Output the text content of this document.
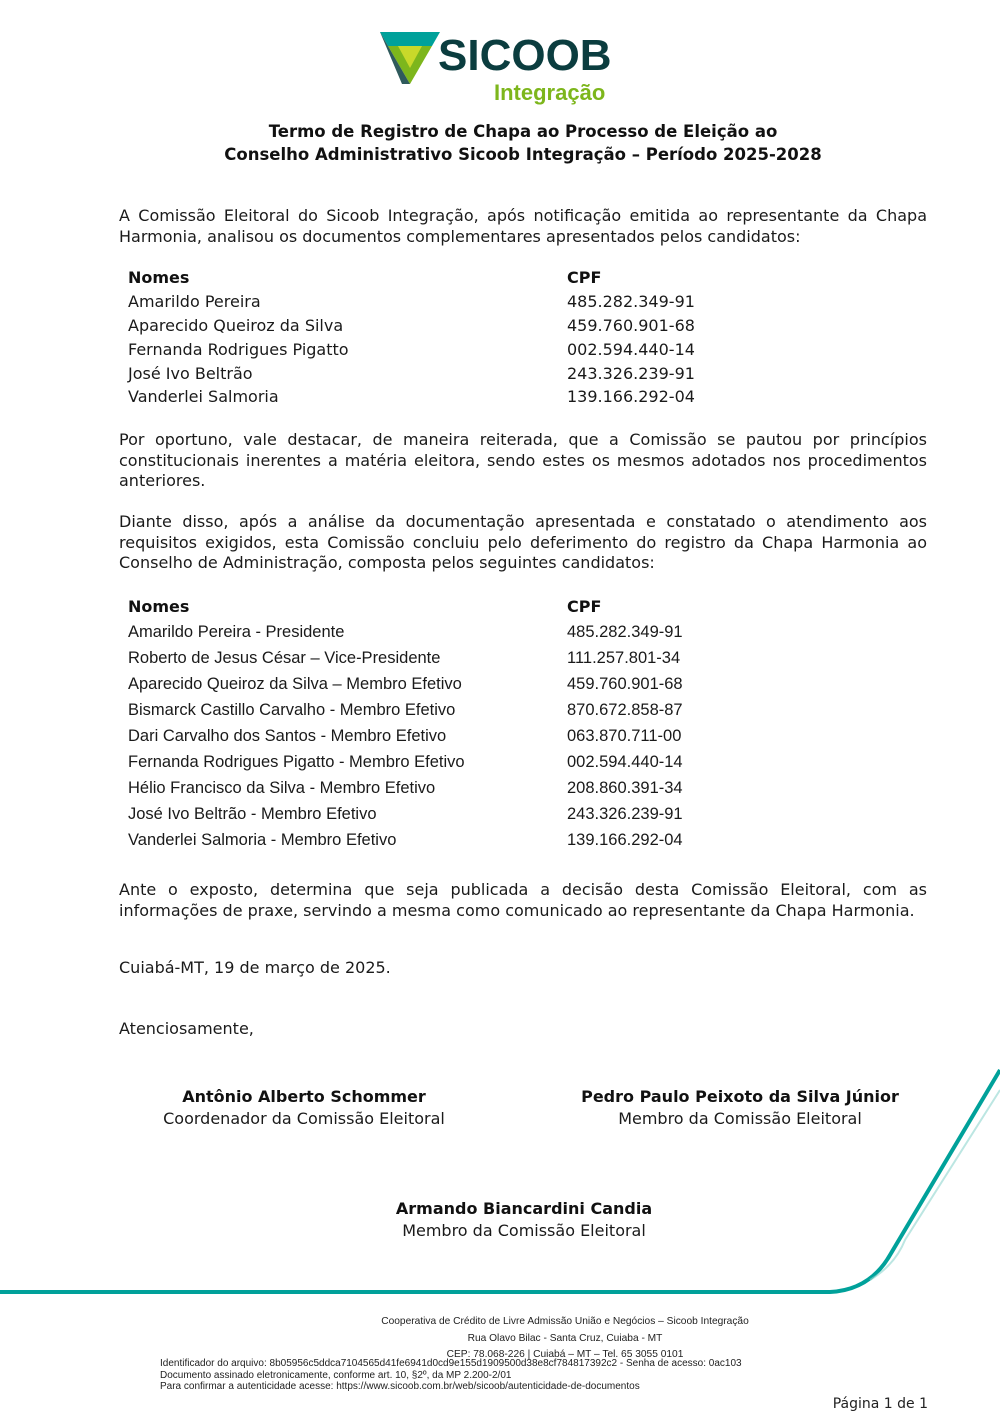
SICOOB
Integração
Termo de Registro de Chapa ao Processo de Eleição ao
Conselho Administrativo Sicoob Integração – Período 2025-2028
A Comissão Eleitoral do Sicoob Integração, após notificação emitida ao representante da Chapa Harmonia, analisou os documentos complementares apresentados pelos candidatos:
Nomes	CPF
Amarildo Pereira	485.282.349-91
Aparecido Queiroz da Silva	459.760.901-68
Fernanda Rodrigues Pigatto	002.594.440-14
José Ivo Beltrão	243.326.239-91
Vanderlei Salmoria	139.166.292-04
Por oportuno, vale destacar, de maneira reiterada, que a Comissão se pautou por princípios constitucionais inerentes a matéria eleitora, sendo estes os mesmos adotados nos procedimentos anteriores.
Diante disso, após a análise da documentação apresentada e constatado o atendimento aos requisitos exigidos, esta Comissão concluiu pelo deferimento do registro da Chapa Harmonia ao Conselho de Administração, composta pelos seguintes candidatos:
Nomes	CPF
Amarildo Pereira - Presidente	485.282.349-91
Roberto de Jesus César – Vice-Presidente	111.257.801-34
Aparecido Queiroz da Silva – Membro Efetivo	459.760.901-68
Bismarck Castillo Carvalho - Membro Efetivo	870.672.858-87
Dari Carvalho dos Santos - Membro Efetivo	063.870.711-00
Fernanda Rodrigues Pigatto - Membro Efetivo	002.594.440-14
Hélio Francisco da Silva - Membro Efetivo	208.860.391-34
José Ivo Beltrão - Membro Efetivo	243.326.239-91
Vanderlei Salmoria - Membro Efetivo	139.166.292-04
Ante o exposto, determina que seja publicada a decisão desta Comissão Eleitoral, com as informações de praxe, servindo a mesma como comunicado ao representante da Chapa Harmonia.
Cuiabá-MT, 19 de março de 2025.
Atenciosamente,
Antônio Alberto Schommer
Coordenador da Comissão Eleitoral
Pedro Paulo Peixoto da Silva Júnior
Membro da Comissão Eleitoral
Armando Biancardini Candia
Membro da Comissão Eleitoral
Cooperativa de Crédito de Livre Admissão União e Negócios – Sicoob Integração
Rua Olavo Bilac - Santa Cruz, Cuiaba - MT
CEP: 78.068-226 | Cuiabá – MT – Tel. 65 3055 0101
Identificador do arquivo: 8b05956c5ddca7104565d41fe6941d0cd9e155d1909500d38e8cf784817392c2 - Senha de acesso: 0ac103
Documento assinado eletronicamente, conforme art. 10, §2º, da MP 2.200-2/01
Para confirmar a autenticidade acesse: https://www.sicoob.com.br/web/sicoob/autenticidade-de-documentos
Página 1 de 1
